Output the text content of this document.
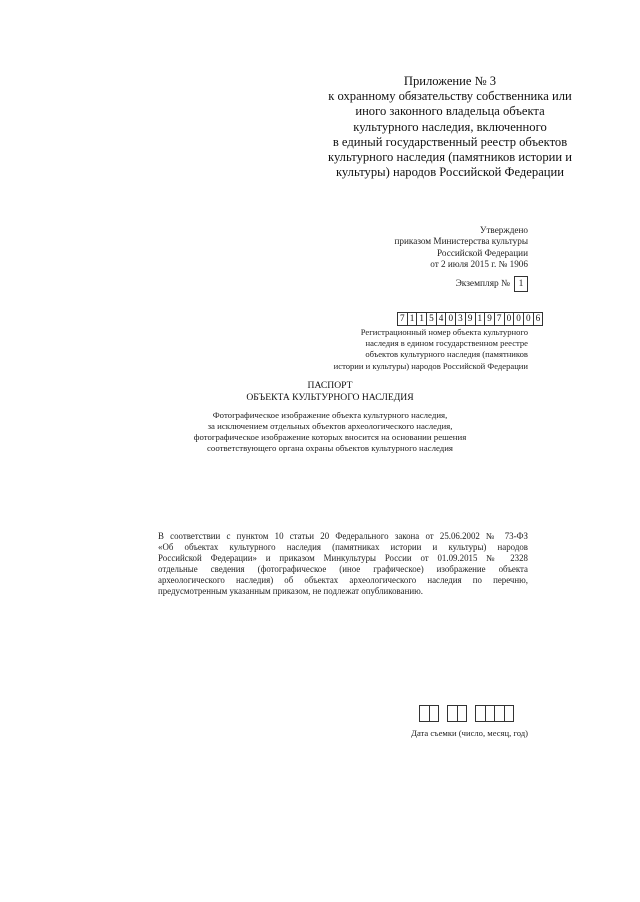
Приложение № 3
к охранному обязательству собственника или
иного законного владельца объекта
культурного наследия, включенного
в единый государственный реестр объектов
культурного наследия (памятников истории и
культуры) народов Российской Федерации
Утверждено
приказом Министерства культуры
Российской Федерации
от 2 июля 2015 г. № 1906
Экземпляр № 1
7 1 1 5 4 0 3 9 1 9 7 0 0 0 6
Регистрационный номер объекта культурного
наследия в едином государственном реестре
объектов культурного наследия (памятников
истории и культуры) народов Российской Федерации
ПАСПОРТ
ОБЪЕКТА КУЛЬТУРНОГО НАСЛЕДИЯ
Фотографическое изображение объекта культурного наследия,
за исключением отдельных объектов археологического наследия,
фотографическое изображение которых вносится на основании решения
соответствующего органа охраны объектов культурного наследия
В соответствии с пунктом 10 статьи 20 Федерального закона от 25.06.2002 № 73-ФЗ
«Об объектах культурного наследия (памятниках истории и культуры) народов
Российской Федерации» и приказом Минкультуры России от 01.09.2015 № 2328
отдельные сведения (фотографическое (иное графическое) изображение объекта
археологического наследия) об объектах археологического наследия по перечню,
предусмотренным указанным приказом, не подлежат опубликованию.
Дата съемки (число, месяц, год)
